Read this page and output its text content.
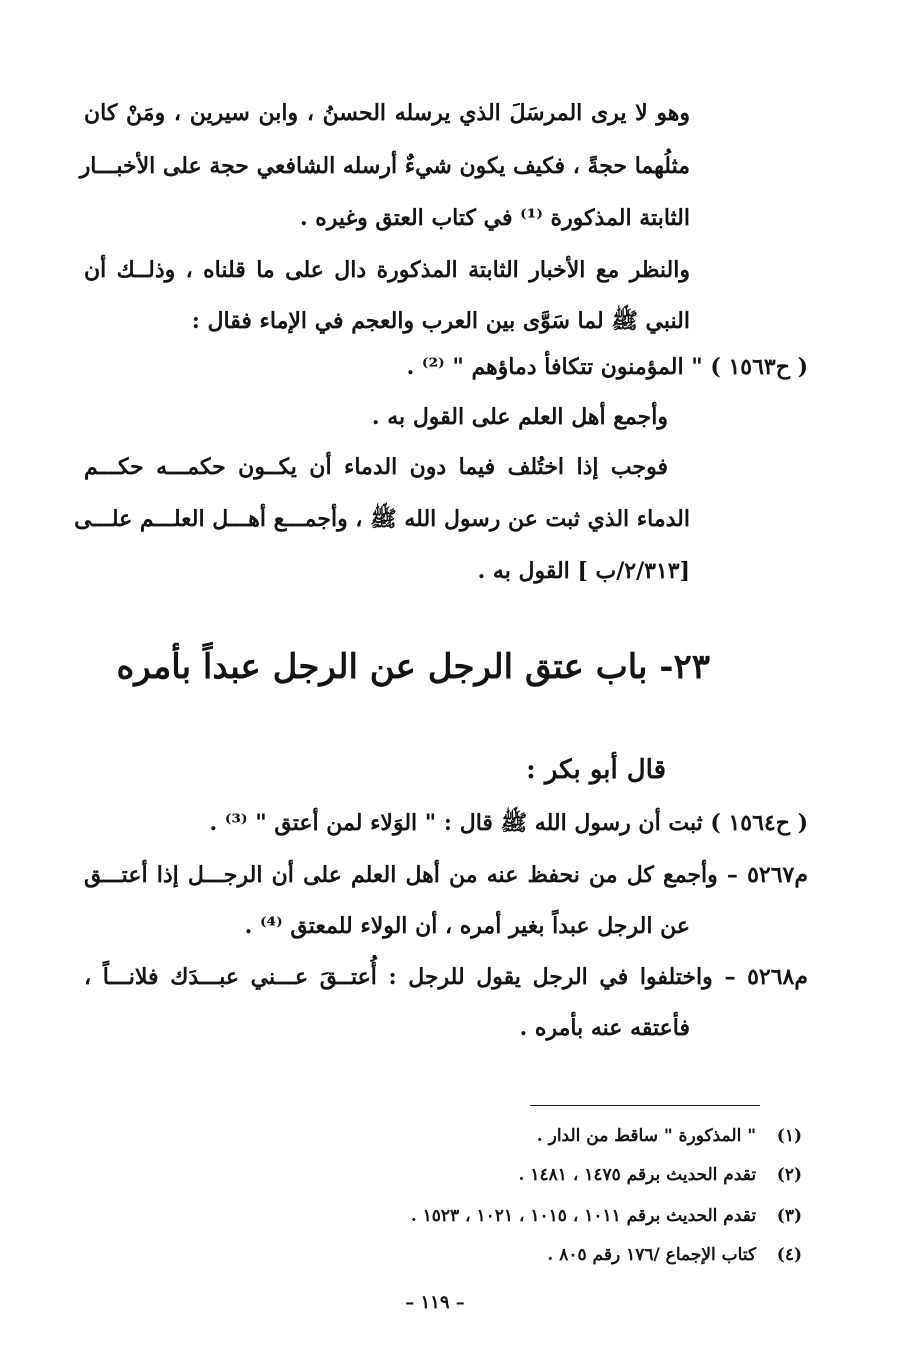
وهو لا يرى المرسَلَ الذي يرسله الحسنُ ، وابن سيرين ، ومَنْ كان
مثلُهما حجةً ، فكيف يكون شيءٌ أرسله الشافعي حجة على الأخبـــار
الثابتة المذكورة ⁽¹⁾ في كتاب العتق وغيره .
والنظر مع الأخبار الثابتة المذكورة دال على ما قلناه ، وذلــك أن
النبي ﷺ لما سَوَّى بين العرب والعجم في الإماء فقال :
( ح١٥٦٣ ) " المؤمنون تتكافأ دماؤهم " ⁽²⁾ .
وأجمع أهل العلم على القول به .
فوجب إذا اختُلف فيما دون الدماء أن يكــون حكمـــه حكـــم
الدماء الذي ثبت عن رسول الله ﷺ ، وأجمـــع أهـــل العلـــم علـــى
[٢/٣١٣/ب ] القول به .
٢٣- باب عتق الرجل عن الرجل عبداً بأمره
قال أبو بكر :
( ح١٥٦٤ ) ثبت أن رسول الله ﷺ قال : " الوَلاء لمن أعتق " ⁽³⁾ .
م٥٢٦٧ – وأجمع كل من نحفظ عنه من أهل العلم على أن الرجـــل إذا أعتـــق
عن الرجل عبداً بغير أمره ، أن الولاء للمعتق ⁽⁴⁾ .
م٥٢٦٨ – واختلفوا في الرجل يقول للرجل : أُعتــقَ عـــني عبـــدَك فلانـــاً ،
فأعتقه عنه بأمره .
(١) " المذكورة " ساقط من الدار .
(٢) تقدم الحديث برقم ١٤٧٥ ، ١٤٨١ .
(٣) تقدم الحديث برقم ١٠١١ ، ١٠١٥ ، ١٠٢١ ، ١٥٢٣ .
(٤) كتاب الإجماع /١٧٦ رقم ٨٠٥ .
– ١١٩ –
